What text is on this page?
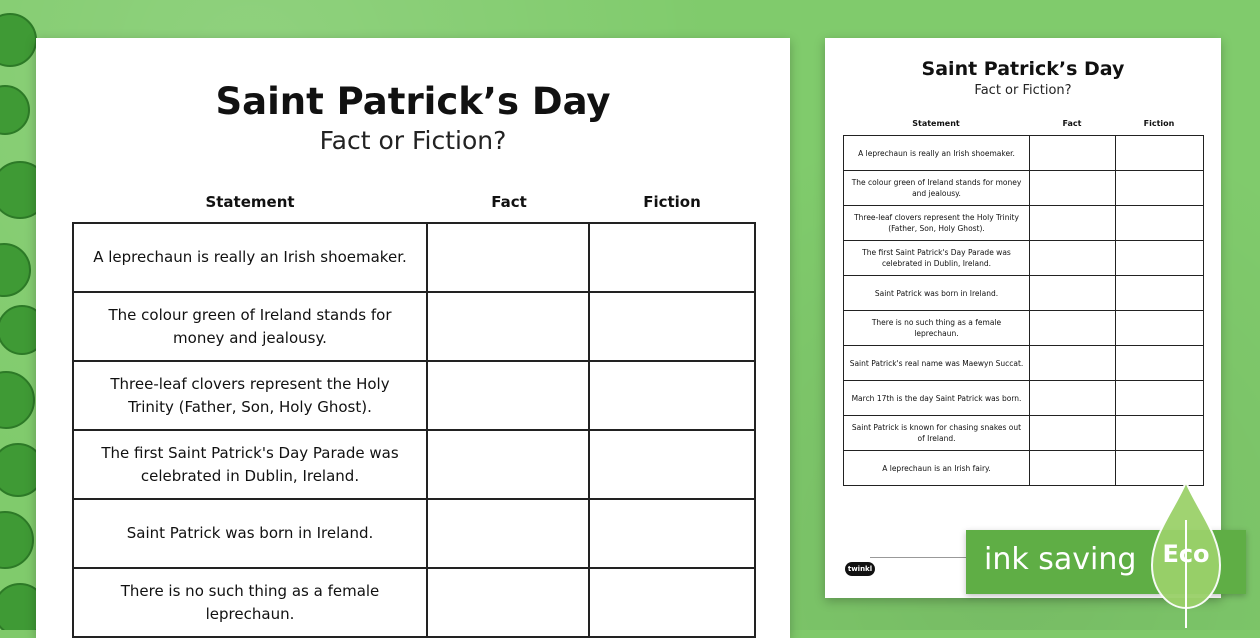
Saint Patrick’s Day
Fact or Fiction?
Statement	Fact	Fiction
A leprechaun is really an Irish shoemaker.		
The colour green of Ireland stands for money and jealousy.		
Three-leaf clovers represent the Holy Trinity (Father, Son, Holy Ghost).		
The first Saint Patrick's Day Parade was celebrated in Dublin, Ireland.		
Saint Patrick was born in Ireland.		
There is no such thing as a female leprechaun.		
Saint Patrick’s Day
Fact or Fiction?
Statement	Fact	Fiction
A leprechaun is really an Irish shoemaker.		
The colour green of Ireland stands for money and jealousy.		
Three-leaf clovers represent the Holy Trinity (Father, Son, Holy Ghost).		
The first Saint Patrick's Day Parade was celebrated in Dublin, Ireland.		
Saint Patrick was born in Ireland.		
There is no such thing as a female leprechaun.		
Saint Patrick's real name was Maewyn Succat.		
March 17th is the day Saint Patrick was born.		
Saint Patrick is known for chasing snakes out of Ireland.		
A leprechaun is an Irish fairy.		
twinkl	ink saving Eco
